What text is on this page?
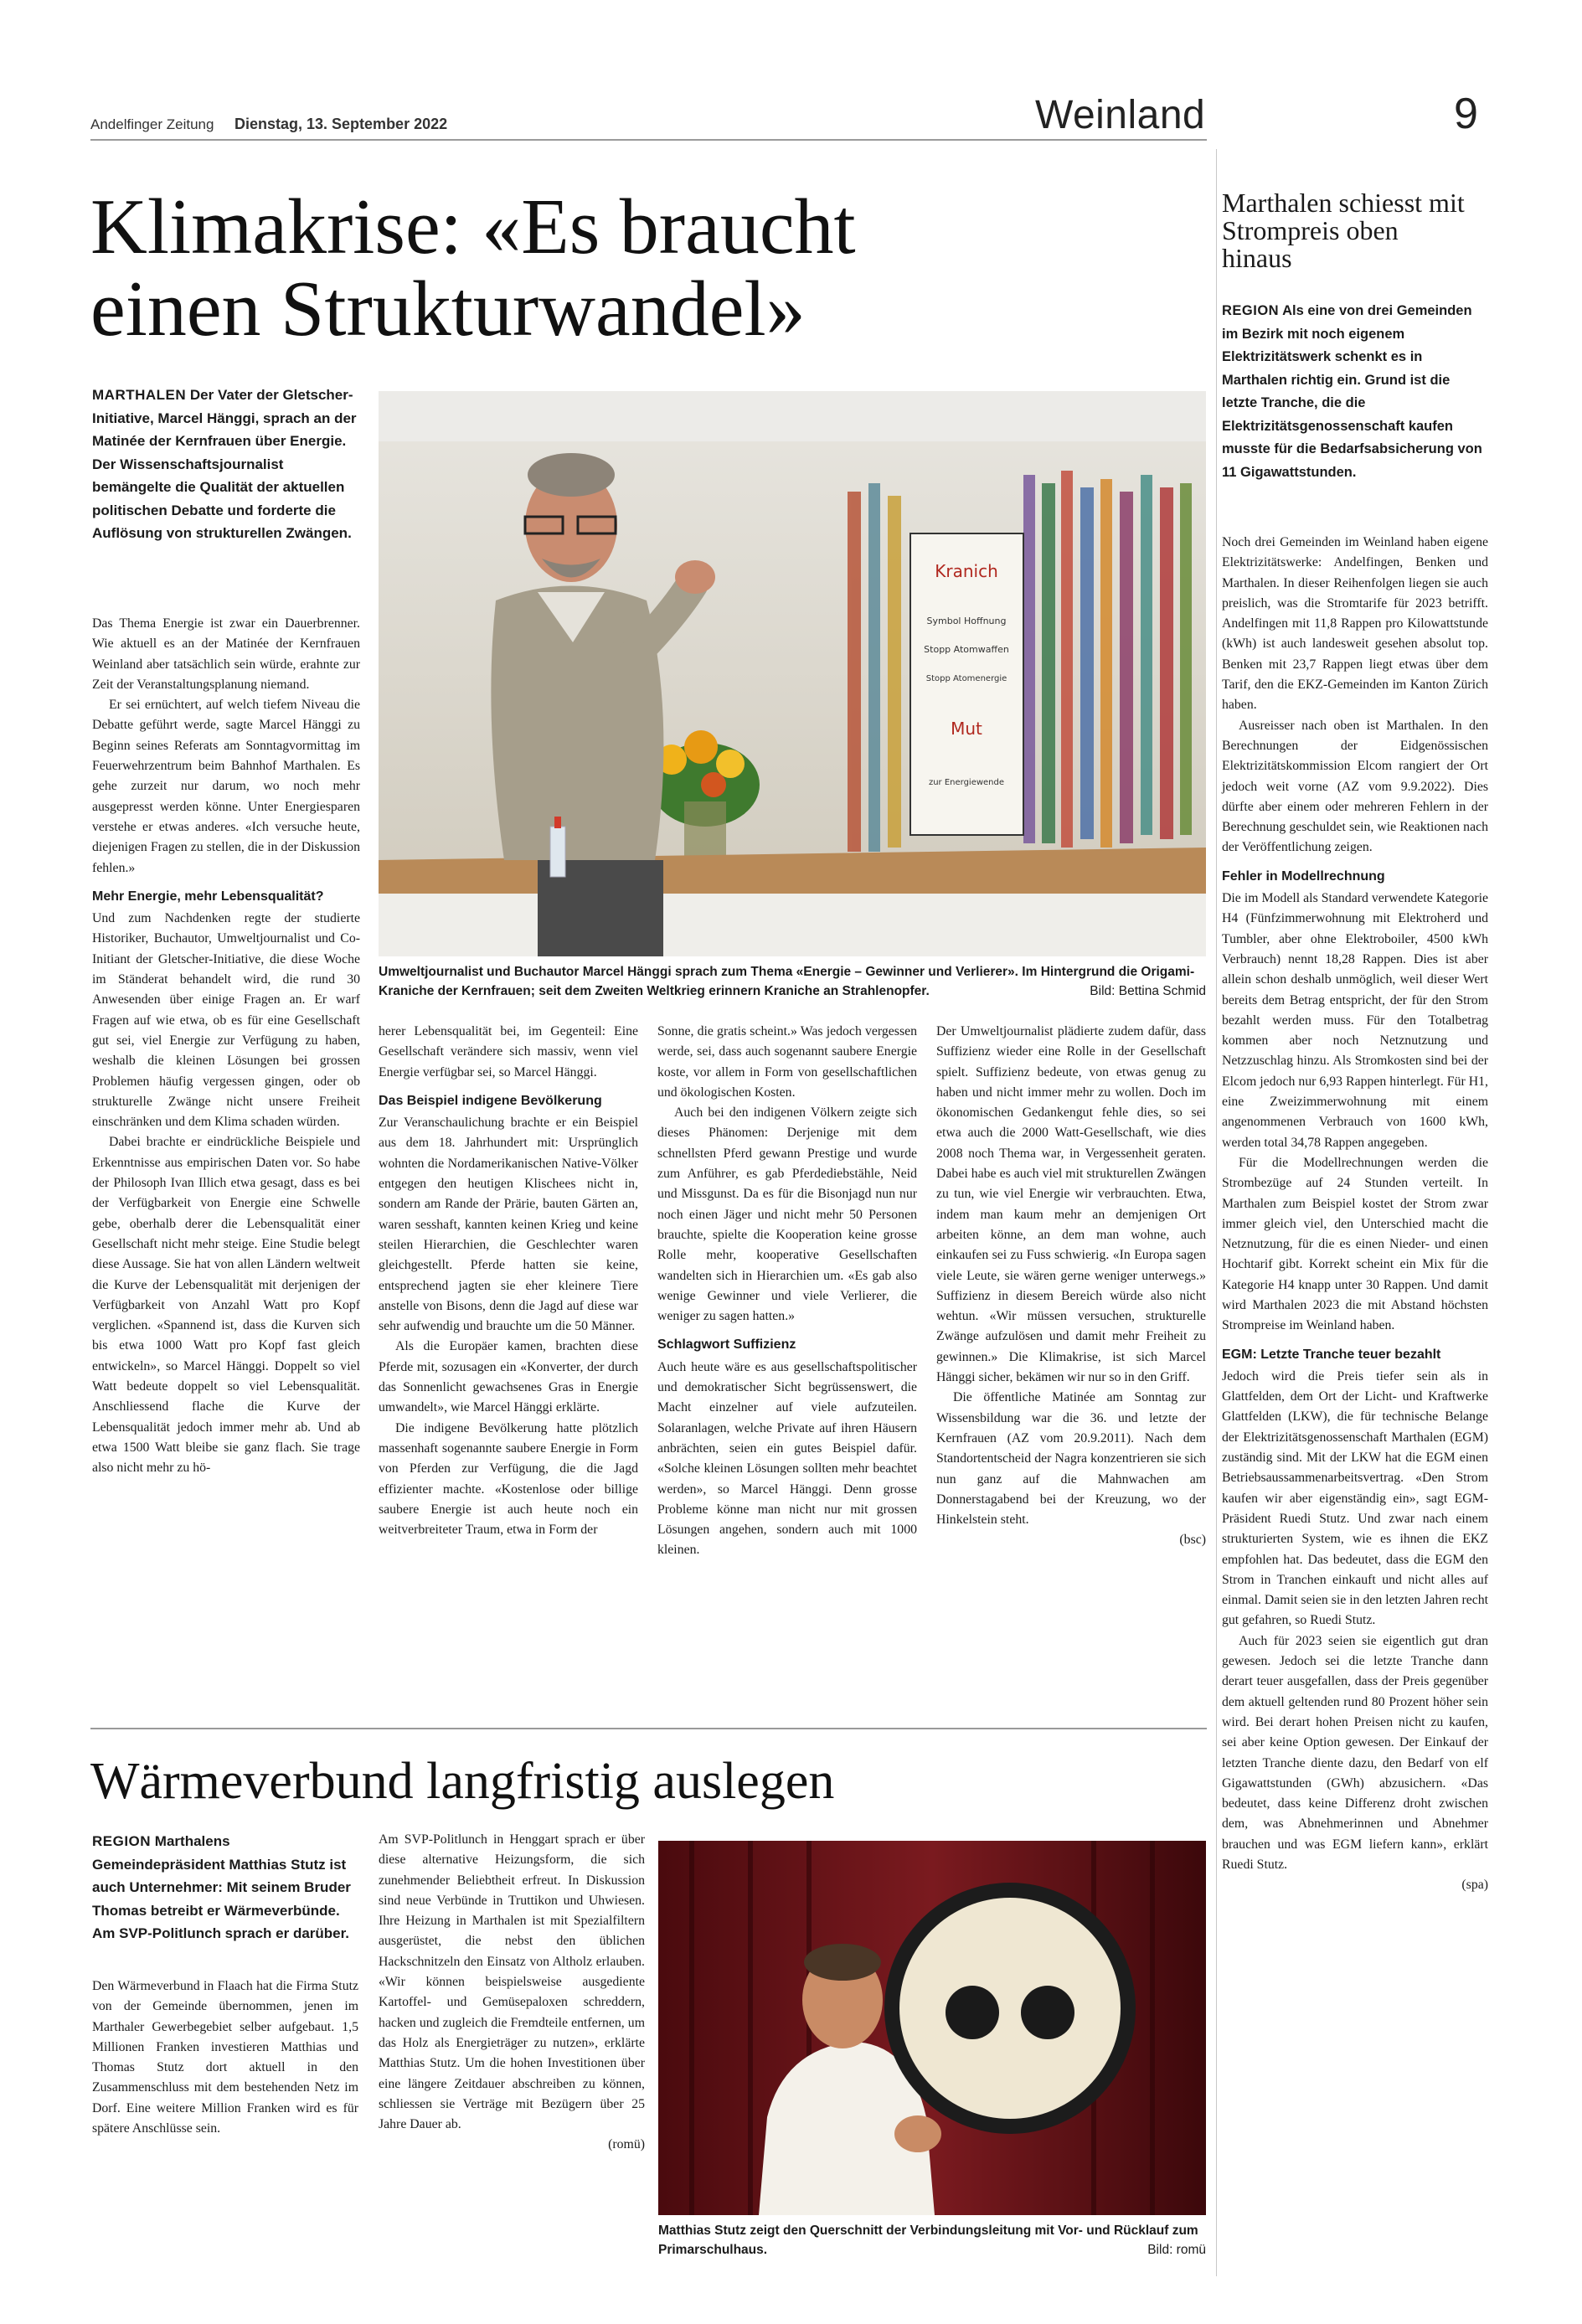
Andelfinger Zeitung Dienstag, 13. September 2022	Weinland	9
Klimakrise: «Es braucht
einen Strukturwandel»
MARTHALEN Der Vater der Gletscher-Initiative, Marcel Hänggi, sprach an der Matinée der Kernfrauen über Energie. Der Wissenschaftsjournalist bemängelte die Qualität der aktuellen politischen Debatte und forderte die Auflösung von strukturellen Zwängen.
Kranich
Symbol Hoffnung
Stopp Atomwaffen
Stopp Atomenergie
Mut
zur Energiewende
Umweltjournalist und Buchautor Marcel Hänggi sprach zum Thema «Energie – Gewinner und Verlierer». Im Hintergrund die Origami-Kraniche der Kernfrauen; seit dem Zweiten Weltkrieg erinnern Kraniche an Strahlenopfer.	Bild: Bettina Schmid

Das Thema Energie ist zwar ein Dauerbrenner. Wie aktuell es an der Matinée der Kernfrauen Weinland aber tatsächlich sein würde, erahnte zur Zeit der Veranstaltungsplanung niemand.

Er sei ernüchtert, auf welch tiefem Niveau die Debatte geführt werde, sagte Marcel Hänggi zu Beginn seines Referats am Sonntagvormittag im Feuerwehrzentrum beim Bahnhof Marthalen. Es gehe zurzeit nur darum, wo noch mehr ausgepresst werden könne. Unter Energiesparen verstehe er etwas anderes. «Ich versuche heute, diejenigen Fragen zu stellen, die in der Diskussion fehlen.»

Mehr Energie, mehr Lebensqualität?

Und zum Nachdenken regte der studierte Historiker, Buchautor, Umweltjournalist und Co-Initiant der Gletscher-Initiative, die diese Woche im Ständerat behandelt wird, die rund 30 Anwesenden über einige Fragen an. Er warf Fragen auf wie etwa, ob es für eine Gesellschaft gut sei, viel Energie zur Verfügung zu haben, weshalb die kleinen Lösungen bei grossen Problemen häufig vergessen gingen, oder ob strukturelle Zwänge nicht unsere Freiheit einschränken und dem Klima schaden würden.

Dabei brachte er eindrückliche Beispiele und Erkenntnisse aus empirischen Daten vor. So habe der Philosoph Ivan Illich etwa gesagt, dass es bei der Verfügbarkeit von Energie eine Schwelle gebe, oberhalb derer die Lebensqualität einer Gesellschaft nicht mehr steige. Eine Studie belegt diese Aussage. Sie hat von allen Ländern weltweit die Kurve der Lebensqualität mit derjenigen der Verfügbarkeit von Anzahl Watt pro Kopf verglichen. «Spannend ist, dass die Kurven sich bis etwa 1000 Watt pro Kopf fast gleich entwickeln», so Marcel Hänggi. Doppelt so viel Watt bedeute doppelt so viel Lebensqualität. Anschliessend flache die Kurve der Lebensqualität jedoch immer mehr ab. Und ab etwa 1500 Watt bleibe sie ganz flach. Sie trage also nicht mehr zu hö-

herer Lebensqualität bei, im Gegenteil: Eine Gesellschaft verändere sich massiv, wenn viel Energie verfügbar sei, so Marcel Hänggi.

Das Beispiel indigene Bevölkerung

Zur Veranschaulichung brachte er ein Beispiel aus dem 18. Jahrhundert mit: Ursprünglich wohnten die Nordamerikanischen Native-Völker entgegen den heutigen Klischees nicht in, sondern am Rande der Prärie, bauten Gärten an, waren sesshaft, kannten keinen Krieg und keine steilen Hierarchien, die Geschlechter waren gleichgestellt. Pferde hatten sie keine, entsprechend jagten sie eher kleinere Tiere anstelle von Bisons, denn die Jagd auf diese war sehr aufwendig und brauchte um die 50 Männer.

Als die Europäer kamen, brachten diese Pferde mit, sozusagen ein «Konverter, der durch das Sonnenlicht gewachsenes Gras in Energie umwandelt», wie Marcel Hänggi erklärte.

Die indigene Bevölkerung hatte plötzlich massenhaft sogenannte saubere Energie in Form von Pferden zur Verfügung, die die Jagd effizienter machte. «Kostenlose oder billige saubere Energie ist auch heute noch ein weitverbreiteter Traum, etwa in Form der

Sonne, die gratis scheint.» Was jedoch vergessen werde, sei, dass auch sogenannt saubere Energie koste, vor allem in Form von gesellschaftlichen und ökologischen Kosten.

Auch bei den indigenen Völkern zeigte sich dieses Phänomen: Derjenige mit dem schnellsten Pferd gewann Prestige und wurde zum Anführer, es gab Pferdediebstähle, Neid und Missgunst. Da es für die Bisonjagd nun nur noch einen Jäger und nicht mehr 50 Personen brauchte, spielte die Kooperation keine grosse Rolle mehr, kooperative Gesellschaften wandelten sich in Hierarchien um. «Es gab also wenige Gewinner und viele Verlierer, die weniger zu sagen hatten.»

Schlagwort Suffizienz

Auch heute wäre es aus gesellschaftspolitischer und demokratischer Sicht begrüssenswert, die Macht einzelner auf viele aufzuteilen. Solaranlagen, welche Private auf ihren Häusern anbrächten, seien ein gutes Beispiel dafür. «Solche kleinen Lösungen sollten mehr beachtet werden», so Marcel Hänggi. Denn grosse Probleme könne man nicht nur mit grossen Lösungen angehen, sondern auch mit 1000 kleinen.

Der Umweltjournalist plädierte zudem dafür, dass Suffizienz wieder eine Rolle in der Gesellschaft spielt. Suffizienz bedeute, von etwas genug zu haben und nicht immer mehr zu wollen. Doch im ökonomischen Gedankengut fehle dies, so sei etwa auch die 2000 Watt-Gesellschaft, wie dies 2008 noch Thema war, in Vergessenheit geraten. Dabei habe es auch viel mit strukturellen Zwängen zu tun, wie viel Energie wir verbrauchten. Etwa, indem man kaum mehr an demjenigen Ort arbeiten könne, an dem man wohne, auch einkaufen sei zu Fuss schwierig. «In Europa sagen viele Leute, sie wären gerne weniger unterwegs.» Suffizienz in diesem Bereich würde also nicht wehtun. «Wir müssen versuchen, strukturelle Zwänge aufzulösen und damit mehr Freiheit zu gewinnen.» Die Klimakrise, ist sich Marcel Hänggi sicher, bekämen wir nur so in den Griff.

Die öffentliche Matinée am Sonntag zur Wissensbildung war die 36. und letzte der Kernfrauen (AZ vom 20.9.2011). Nach dem Standortentscheid der Nagra konzentrieren sie sich nun ganz auf die Mahnwachen am Donnerstagabend bei der Kreuzung, wo der Hinkelstein steht.

(bsc)

Marthalen schiesst mit Strompreis oben hinaus
REGION Als eine von drei Gemeinden im Bezirk mit noch eigenem Elektrizitätswerk schenkt es in Marthalen richtig ein. Grund ist die letzte Tranche, die die Elektrizitätsgenossenschaft kaufen musste für die Bedarfsabsicherung von 11 Gigawattstunden.

Noch drei Gemeinden im Weinland haben eigene Elektrizitätswerke: Andelfingen, Benken und Marthalen. In dieser Reihenfolgen liegen sie auch preislich, was die Stromtarife für 2023 betrifft. Andelfingen mit 11,8 Rappen pro Kilowattstunde (kWh) ist auch landesweit gesehen absolut top. Benken mit 23,7 Rappen liegt etwas über dem Tarif, den die EKZ-Gemeinden im Kanton Zürich haben.

Ausreisser nach oben ist Marthalen. In den Berechnungen der Eidgenössischen Elektrizitätskommission Elcom rangiert der Ort jedoch weit vorne (AZ vom 9.9.2022). Dies dürfte aber einem oder mehreren Fehlern in der Berechnung geschuldet sein, wie Reaktionen nach der Veröffentlichung zeigen.

Fehler in Modellrechnung

Die im Modell als Standard verwendete Kategorie H4 (Fünfzimmerwohnung mit Elektroherd und Tumbler, aber ohne Elektroboiler, 4500 kWh Verbrauch) nennt 18,28 Rappen. Dies ist aber allein schon deshalb unmöglich, weil dieser Wert bereits dem Betrag entspricht, der für den Strom bezahlt werden muss. Für den Totalbetrag kommen aber noch Netznutzung und Netzzuschlag hinzu. Als Stromkosten sind bei der Elcom jedoch nur 6,93 Rappen hinterlegt. Für H1, eine Zweizimmerwohnung mit einem angenommenen Verbrauch von 1600 kWh, werden total 34,78 Rappen angegeben.

Für die Modellrechnungen werden die Strombezüge auf 24 Stunden verteilt. In Marthalen zum Beispiel kostet der Strom zwar immer gleich viel, den Unterschied macht die Netznutzung, für die es einen Nieder- und einen Hochtarif gibt. Korrekt scheint ein Mix für die Kategorie H4 knapp unter 30 Rappen. Und damit wird Marthalen 2023 die mit Abstand höchsten Strompreise im Weinland haben.

EGM: Letzte Tranche teuer bezahlt

Jedoch wird die Preis tiefer sein als in Glattfelden, dem Ort der Licht- und Kraftwerke Glattfelden (LKW), die für technische Belange der Elektrizitätsgenossenschaft Marthalen (EGM) zuständig sind. Mit der LKW hat die EGM einen Betriebsaussammenarbeitsvertrag. «Den Strom kaufen wir aber eigenständig ein», sagt EGM-Präsident Ruedi Stutz. Und zwar nach einem strukturierten System, wie es ihnen die EKZ empfohlen hat. Das bedeutet, dass die EGM den Strom in Tranchen einkauft und nicht alles auf einmal. Damit seien sie in den letzten Jahren recht gut gefahren, so Ruedi Stutz.

Auch für 2023 seien sie eigentlich gut dran gewesen. Jedoch sei die letzte Tranche dann derart teuer ausgefallen, dass der Preis gegenüber dem aktuell geltenden rund 80 Prozent höher sein wird. Bei derart hohen Preisen nicht zu kaufen, sei aber keine Option gewesen. Der Einkauf der letzten Tranche diente dazu, den Bedarf von elf Gigawattstunden (GWh) abzusichern. «Das bedeutet, dass keine Differenz droht zwischen dem, was Abnehmerinnen und Abnehmer brauchen und was EGM liefern kann», erklärt Ruedi Stutz.

(spa)

Wärmeverbund langfristig auslegen
REGION Marthalens Gemeindepräsident Matthias Stutz ist auch Unternehmer: Mit seinem Bruder Thomas betreibt er Wärmeverbünde. Am SVP-Politlunch sprach er darüber.

Den Wärmeverbund in Flaach hat die Firma Stutz von der Gemeinde übernommen, jenen im Marthaler Gewerbegebiet selber aufgebaut. 1,5 Millionen Franken investieren Matthias und Thomas Stutz dort aktuell in den Zusammenschluss mit dem bestehenden Netz im Dorf. Eine weitere Million Franken wird es für spätere Anschlüsse sein.

Am SVP-Politlunch in Henggart sprach er über diese alternative Heizungsform, die sich zunehmender Beliebtheit erfreut. In Diskussion sind neue Verbünde in Truttikon und Uhwiesen. Ihre Heizung in Marthalen ist mit Spezialfiltern ausgerüstet, die nebst den üblichen Hackschnitzeln den Einsatz von Altholz erlauben. «Wir können beispielsweise ausgediente Kartoffel- und Gemüsepaloxen schreddern, hacken und zugleich die Fremdteile entfernen, um das Holz als Energieträger zu nutzen», erklärte Matthias Stutz. Um die hohen Investitionen über eine längere Zeitdauer abschreiben zu können, schliessen sie Verträge mit Bezügern über 25 Jahre Dauer ab.

(romü)

Matthias Stutz zeigt den Querschnitt der Verbindungsleitung mit Vor- und Rücklauf zum Primarschulhaus.	Bild: romü
